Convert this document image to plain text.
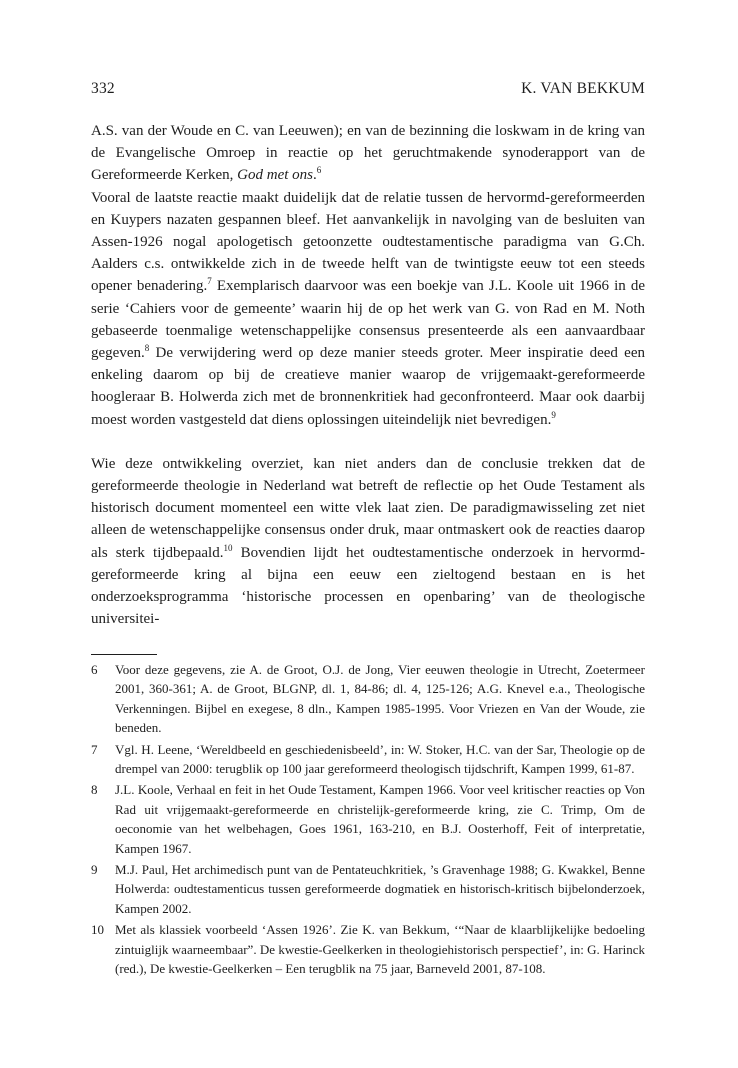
332	K. VAN BEKKUM

A.S. van der Woude en C. van Leeuwen); en van de bezinning die loskwam in de kring van de Evangelische Omroep in reactie op het geruchtmakende synoderapport van de Gereformeerde Kerken, God met ons.$^6$

Vooral de laatste reactie maakt duidelijk dat de relatie tussen de hervormd-gereformeerden en Kuypers nazaten gespannen bleef. Het aanvankelijk in navolging van de besluiten van Assen-1926 nogal apologetisch getoonzette oudtestamentische paradigma van G.Ch. Aalders c.s. ontwikkelde zich in de tweede helft van de twintigste eeuw tot een steeds opener benadering.$^7$ Exemplarisch daarvoor was een boekje van J.L. Koole uit 1966 in de serie ‘Cahiers voor de gemeente’ waarin hij de op het werk van G. von Rad en M. Noth gebaseerde toenmalige wetenschappelijke consensus presenteerde als een aanvaardbaar gegeven.$^8$ De verwijdering werd op deze manier steeds groter. Meer inspiratie deed een enkeling daarom op bij de creatieve manier waarop de vrijgemaakt-gereformeerde hoogleraar B. Holwerda zich met de bronnenkritiek had geconfronteerd. Maar ook daarbij moest worden vastgesteld dat diens oplossingen uiteindelijk niet bevredigen.$^9$

Wie deze ontwikkeling overziet, kan niet anders dan de conclusie trekken dat de gereformeerde theologie in Nederland wat betreft de reflectie op het Oude Testament als historisch document momenteel een witte vlek laat zien. De paradigmawisseling zet niet alleen de wetenschappelijke consensus onder druk, maar ontmaskert ook de reacties daarop als sterk tijdbepaald.$^{10}$ Bovendien lijdt het oudtestamentische onderzoek in hervormd-gereformeerde kring al bijna een eeuw een zieltogend bestaan en is het onderzoeksprogramma ‘historische processen en openbaring’ van de theologische universitei-

6	Voor deze gegevens, zie A. de Groot, O.J. de Jong, Vier eeuwen theologie in Utrecht, Zoetermeer 2001, 360-361; A. de Groot, BLGNP, dl. 1, 84-86; dl. 4, 125-126; A.G. Knevel e.a., Theologische Verkenningen. Bijbel en exegese, 8 dln., Kampen 1985-1995. Voor Vriezen en Van der Woude, zie beneden.
7	Vgl. H. Leene, ‘Wereldbeeld en geschiedenisbeeld’, in: W. Stoker, H.C. van der Sar, Theologie op de drempel van 2000: terugblik op 100 jaar gereformeerd theologisch tijdschrift, Kampen 1999, 61-87.
8	J.L. Koole, Verhaal en feit in het Oude Testament, Kampen 1966. Voor veel kritischer reacties op Von Rad uit vrijgemaakt-gereformeerde en christelijk-gereformeerde kring, zie C. Trimp, Om de oeconomie van het welbehagen, Goes 1961, 163-210, en B.J. Oosterhoff, Feit of interpretatie, Kampen 1967.
9	M.J. Paul, Het archimedisch punt van de Pentateuchkritiek, ’s Gravenhage 1988; G. Kwakkel, Benne Holwerda: oudtestamenticus tussen gereformeerde dogmatiek en historisch-kritisch bijbelonderzoek, Kampen 2002.
10 Met als klassiek voorbeeld ‘Assen 1926’. Zie K. van Bekkum, ‘“Naar de klaarblijkelijke bedoeling zintuiglijk waarneembaar”. De kwestie-Geelkerken in theologiehistorisch perspectief’, in: G. Harinck (red.), De kwestie-Geelkerken – Een terugblik na 75 jaar, Barneveld 2001, 87-108.
